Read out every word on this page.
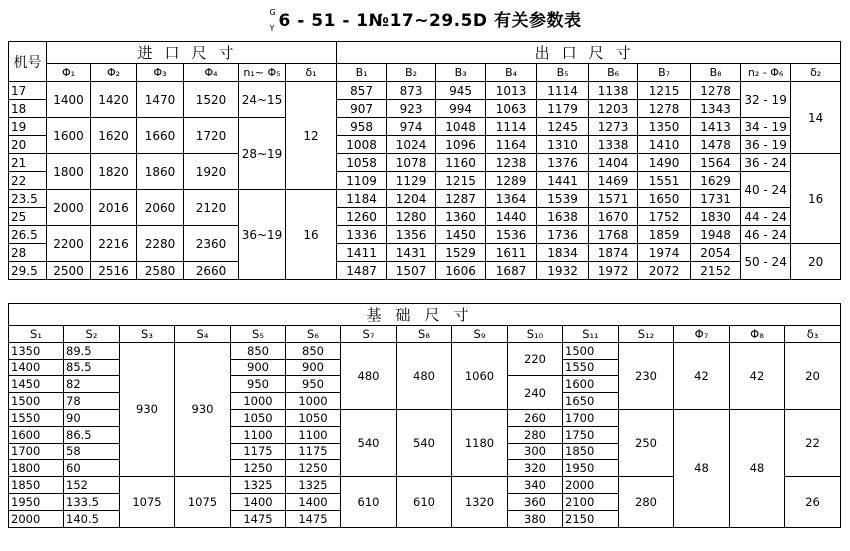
G
Y 6 - 51 - 1№17~29.5D 有关参数表
机号	进口尺寸						出口尺寸									
	Φ₁	Φ₂	Φ₃	Φ₄	n₁~ Φ₅	δ₁	B₁	B₂	B₃	B₄	B₅	B₆	B₇	B₈	n₂ - Φ₆	δ₂
17	1400	1420	1470	1520	24~15	12	857	873	945	1013	1114	1138	1215	1278	32 - 19	14
18							907	923	994	1063	1179	1203	1278	1343		
19	1600	1620	1660	1720	28~19		958	974	1048	1114	1245	1273	1350	1413	34 - 19	
20							1008	1024	1096	1164	1310	1338	1410	1478	36 - 19	
21	1800	1820	1860	1920			1058	1078	1160	1238	1376	1404	1490	1564	36 - 24	16
22							1109	1129	1215	1289	1441	1469	1551	1629	40 - 24	
23.5	2000	2016	2060	2120	36~19	16	1184	1204	1287	1364	1539	1571	1650	1731		
25							1260	1280	1360	1440	1638	1670	1752	1830	44 - 24	
26.5	2200	2216	2280	2360			1336	1356	1450	1536	1736	1768	1859	1948	46 - 24	
28							1411	1431	1529	1611	1834	1874	1974	2054	50 - 24	20
29.5	2500	2516	2580	2660			1487	1507	1606	1687	1932	1972	2072	2152		
基础尺寸														
S₁	S₂	S₃	S₄	S₅	S₆	S₇	S₈	S₉	S₁₀	S₁₁	S₁₂	Φ₇	Φ₈	δ₃
1350	89.5	930	930	850	850	480	480	1060	220	1500	230	42	42	20
1400	85.5			900	900					1550				
1450	82			950	950				240	1600				
1500	78			1000	1000					1650				
1550	90			1050	1050	540	540	1180	260	1700	250	48	48	22
1600	86.5			1100	1100				280	1750				
1700	58			1175	1175				300	1850				
1800	60			1250	1250				320	1950				
1850	152	1075	1075	1325	1325	610	610	1320	340	2000	280			26
1950	133.5			1400	1400				360	2100				
2000	140.5			1475	1475				380	2150				
